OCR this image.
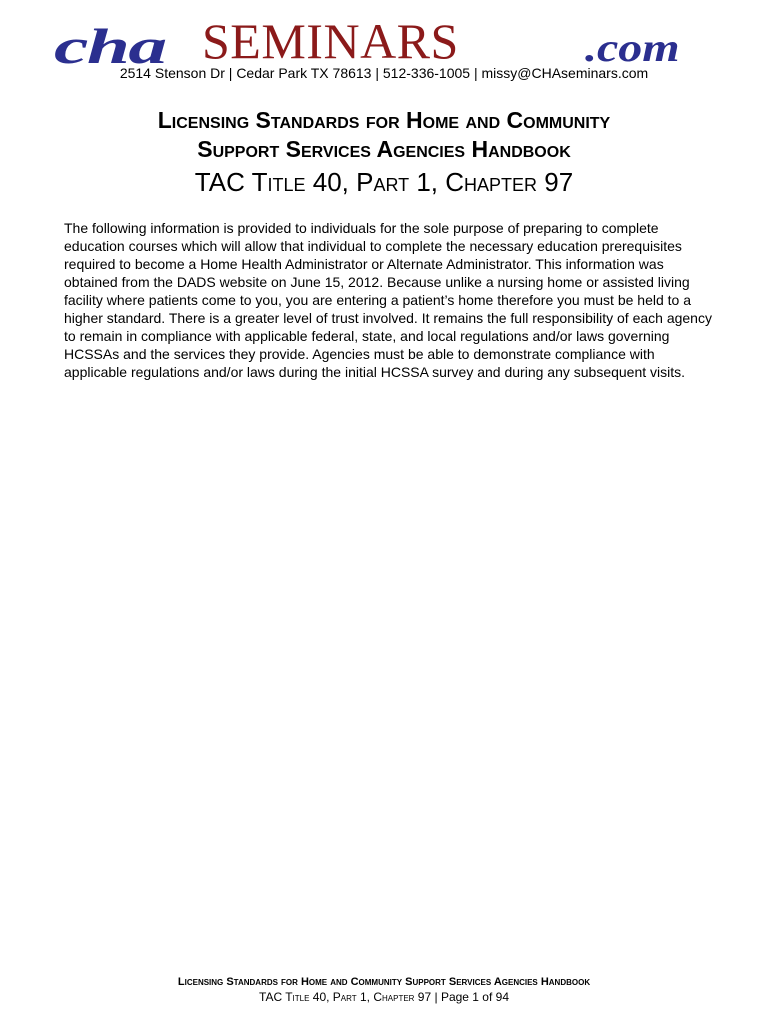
cha SEMINARS	.com
2514 Stenson Dr | Cedar Park TX 78613 | 512-336-1005 | missy@CHAseminars.com
Licensing Standards for Home and Community
Support Services Agencies Handbook
TAC Title 40, Part 1, Chapter 97

The following information is provided to individuals for the sole purpose of preparing to complete education courses which will allow that individual to complete the necessary education prerequisites required to become a Home Health Administrator or Alternate Administrator. This information was obtained from the DADS website on June 15, 2012. Because unlike a nursing home or assisted living facility where patients come to you, you are entering a patient’s home therefore you must be held to a higher standard. There is a greater level of trust involved. It remains the full responsibility of each agency to remain in compliance with applicable federal, state, and local regulations and/or laws governing HCSSAs and the services they provide. Agencies must be able to demonstrate compliance with applicable regulations and/or laws during the initial HCSSA survey and during any subsequent visits.

Licensing Standards for Home and Community Support Services Agencies Handbook
TAC Title 40, Part 1, Chapter 97 | Page 1 of 94
